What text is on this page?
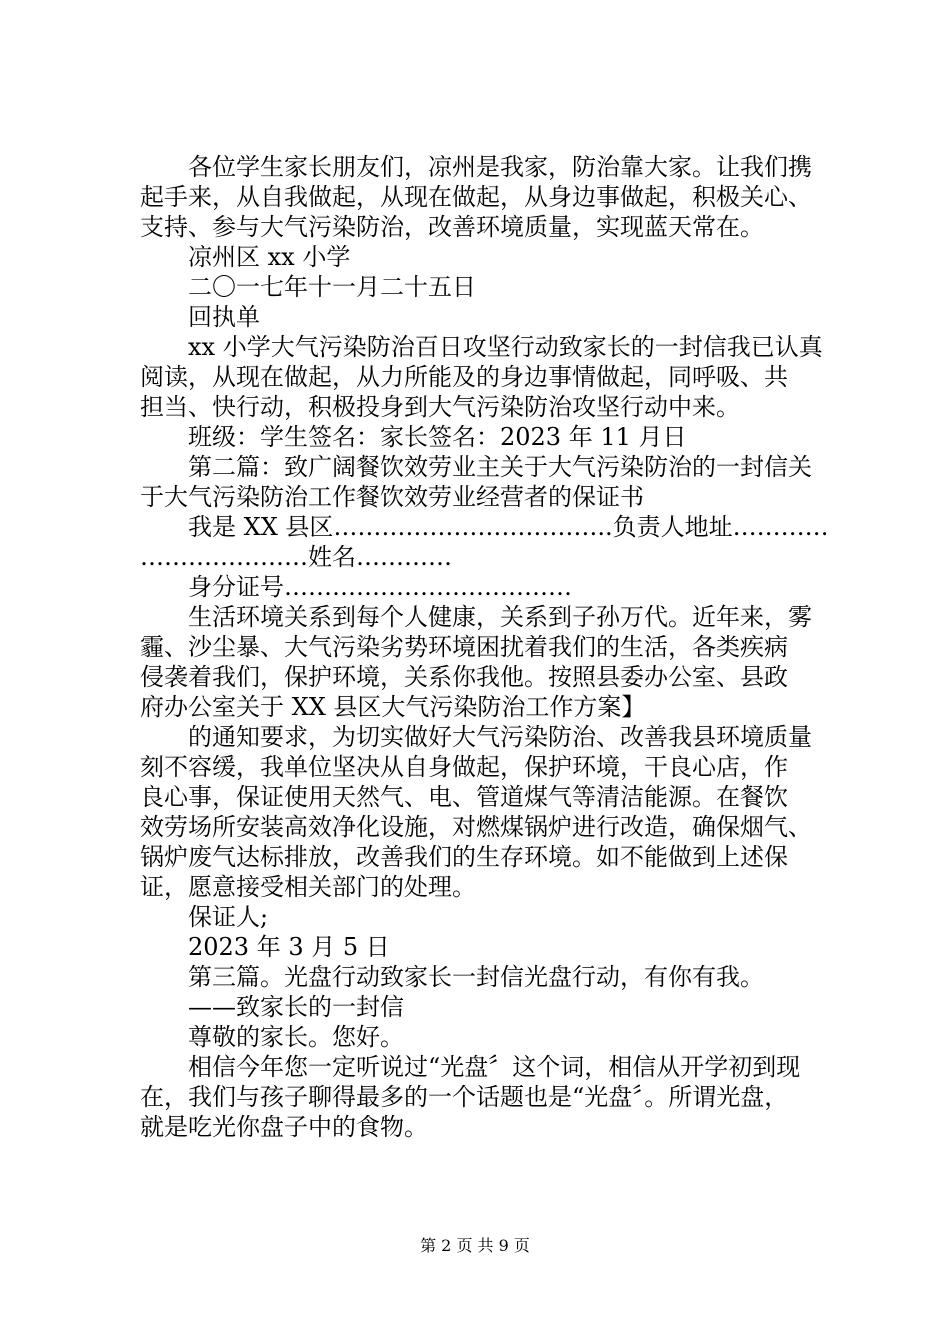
　　各位学生家长朋友们，凉州是我家，防治靠大家。让我们携
起手来，从自我做起，从现在做起，从身边事做起，积极关心、
支持、参与大气污染防治，改善环境质量，实现蓝天常在。
　　凉州区 xx 小学
　　二〇一七年十一月二十五日
　　回执单
　　xx 小学大气污染防治百日攻坚行动致家长的一封信我已认真
阅读，从现在做起，从力所能及的身边事情做起，同呼吸、共
担当、快行动，积极投身到大气污染防治攻坚行动中来。
　　班级：学生签名：家长签名：2023 年 11 月日
　　第二篇：致广阔餐饮效劳业主关于大气污染防治的一封信关
于大气污染防治工作餐饮效劳业经营者的保证书
　　我是 XX 县区……………………………..负责人地址…………
…………………姓名…………
　　身分证号………………………………
　　生活环境关系到每个人健康，关系到子孙万代。近年来，雾
霾、沙尘暴、大气污染劣势环境困扰着我们的生活，各类疾病
侵袭着我们，保护环境，关系你我他。按照县委办公室、县政
府办公室关于 XX 县区大气污染防治工作方案】
　　的通知要求，为切实做好大气污染防治、改善我县环境质量
刻不容缓，我单位坚决从自身做起，保护环境，干良心店，作
良心事，保证使用天然气、电、管道煤气等清洁能源。在餐饮
效劳场所安装高效净化设施，对燃煤锅炉进行改造，确保烟气、
锅炉废气达标排放，改善我们的生存环境。如不能做到上述保
证，愿意接受相关部门的处理。
　　保证人;
　　2023 年 3 月 5 日
　　第三篇。光盘行动致家长一封信光盘行动，有你有我。
　　——致家长的一封信
　　尊敬的家长。您好。
　　相信今年您一定听说过“光盘〞这个词，相信从开学初到现
在，我们与孩子聊得最多的一个话题也是“光盘〞。所谓光盘，
就是吃光你盘子中的食物。
第 2 页 共 9 页
